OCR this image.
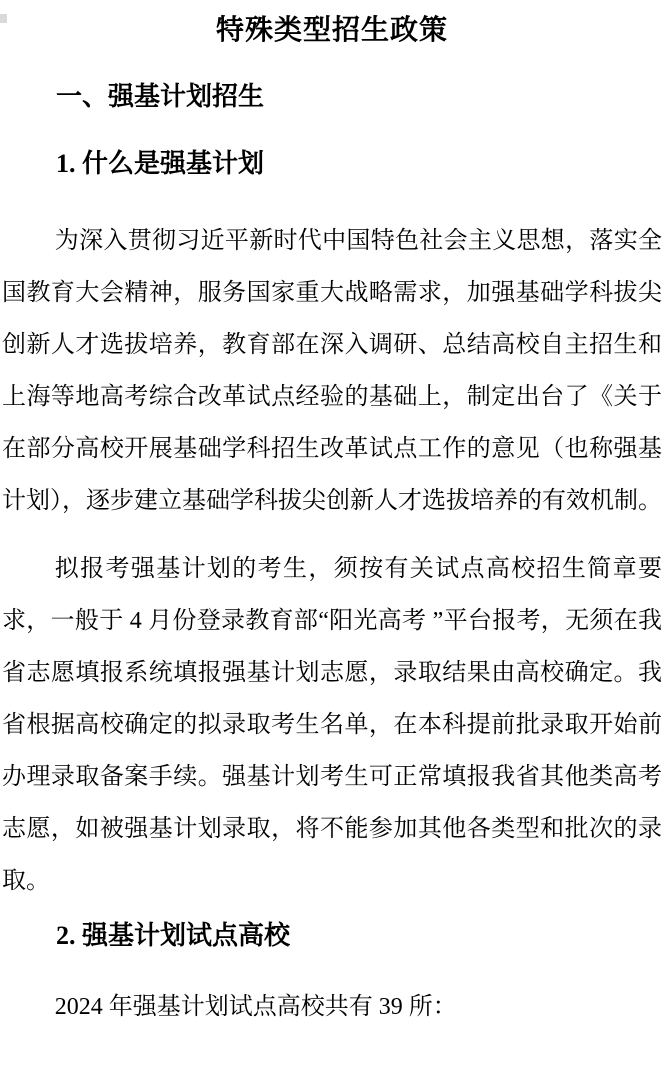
特殊类型招生政策
一、强基计划招生
1. 什么是强基计划

为深入贯彻习近平新时代中国特色社会主义思想，落实全国教育大会精神，服务国家重大战略需求，加强基础学科拔尖创新人才选拔培养，教育部在深入调研、总结高校自主招生和上海等地高考综合改革试点经验的基础上，制定出台了《关于在部分高校开展基础学科招生改革试点工作的意见（也称强基计划），逐步建立基础学科拔尖创新人才选拔培养的有效机制。

拟报考强基计划的考生，须按有关试点高校招生简章要求，一般于 4 月份登录教育部“阳光高考 ”平台报考，无须在我省志愿填报系统填报强基计划志愿，录取结果由高校确定。我省根据高校确定的拟录取考生名单，在本科提前批录取开始前办理录取备案手续。强基计划考生可正常填报我省其他类高考志愿，如被强基计划录取，将不能参加其他各类型和批次的录取。

2. 强基计划试点高校

2024 年强基计划试点高校共有 39 所：
